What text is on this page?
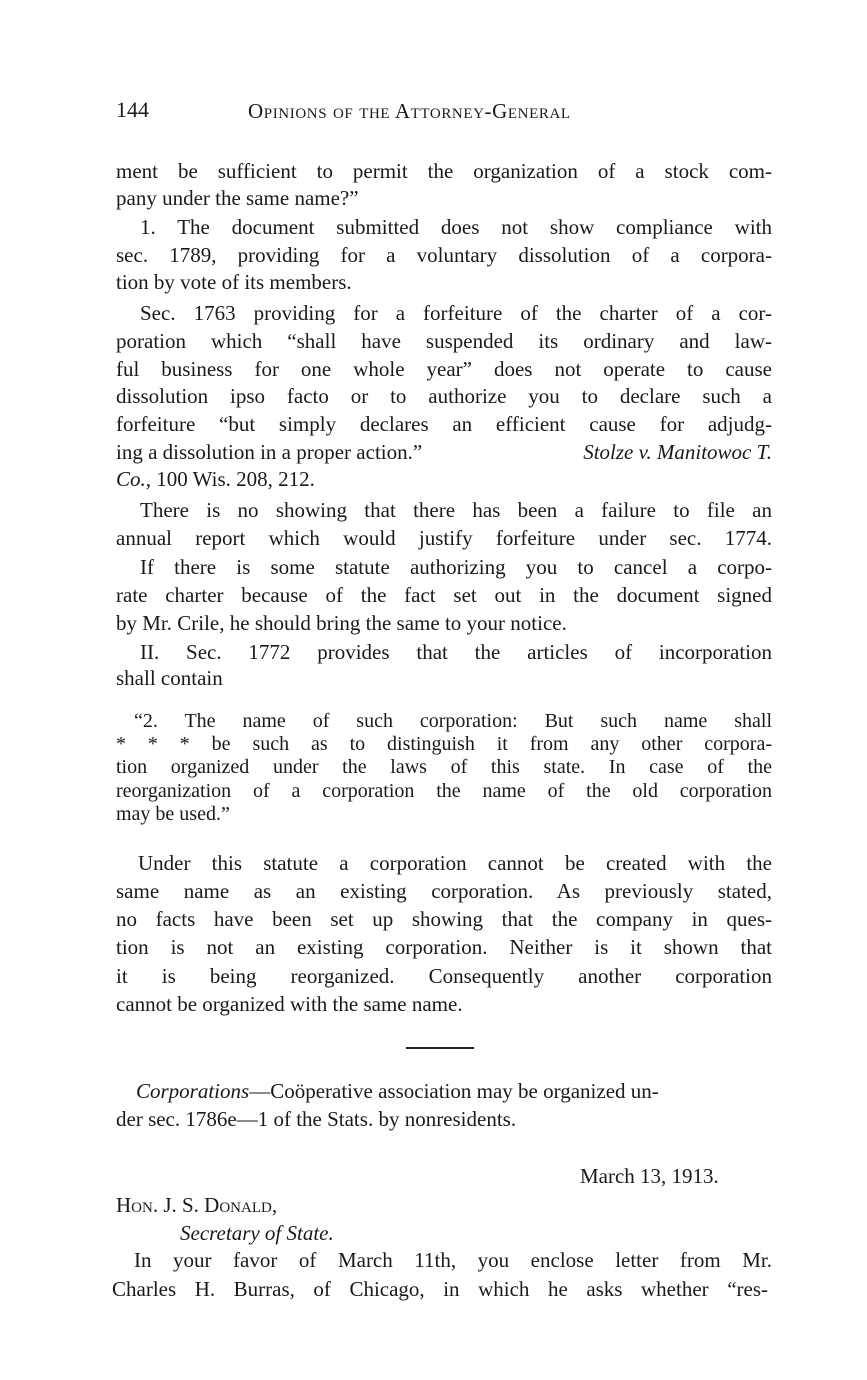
144	Opinions of the Attorney-General
ment be sufficient to permit the organization of a stock com-
pany under the same name?”
1. The document submitted does not show compliance with
sec. 1789, providing for a voluntary dissolution of a corpora-
tion by vote of its members.
Sec. 1763 providing for a forfeiture of the charter of a cor-
poration which “shall have suspended its ordinary and law-
ful business for one whole year” does not operate to cause
dissolution ipso facto or to authorize you to declare such a
forfeiture “but simply declares an efficient cause for adjudg-
ing a dissolution in a proper action.”	Stolze v. Manitowoc T.
Co., 100 Wis. 208, 212.
There is no showing that there has been a failure to file an
annual report which would justify forfeiture under sec. 1774.
If there is some statute authorizing you to cancel a corpo-
rate charter because of the fact set out in the document signed
by Mr. Crile, he should bring the same to your notice.
II. Sec. 1772 provides that the articles of incorporation
shall contain
“2. The name of such corporation: But such name shall
* * * be such as to distinguish it from any other corpora-
tion organized under the laws of this state. In case of the
reorganization of a corporation the name of the old corporation
may be used.”
Under this statute a corporation cannot be created with the
same name as an existing corporation. As previously stated,
no facts have been set up showing that the company in ques-
tion is not an existing corporation. Neither is it shown that
it is being reorganized. Consequently another corporation
cannot be organized with the same name.
Corporations—Coöperative association may be organized un-
der sec. 1786e—1 of the Stats. by nonresidents.
March 13, 1913.
Hon. J. S. Donald,
Secretary of State.
In your favor of March 11th, you enclose letter from Mr.
Charles H. Burras, of Chicago, in which he asks whether “res-
